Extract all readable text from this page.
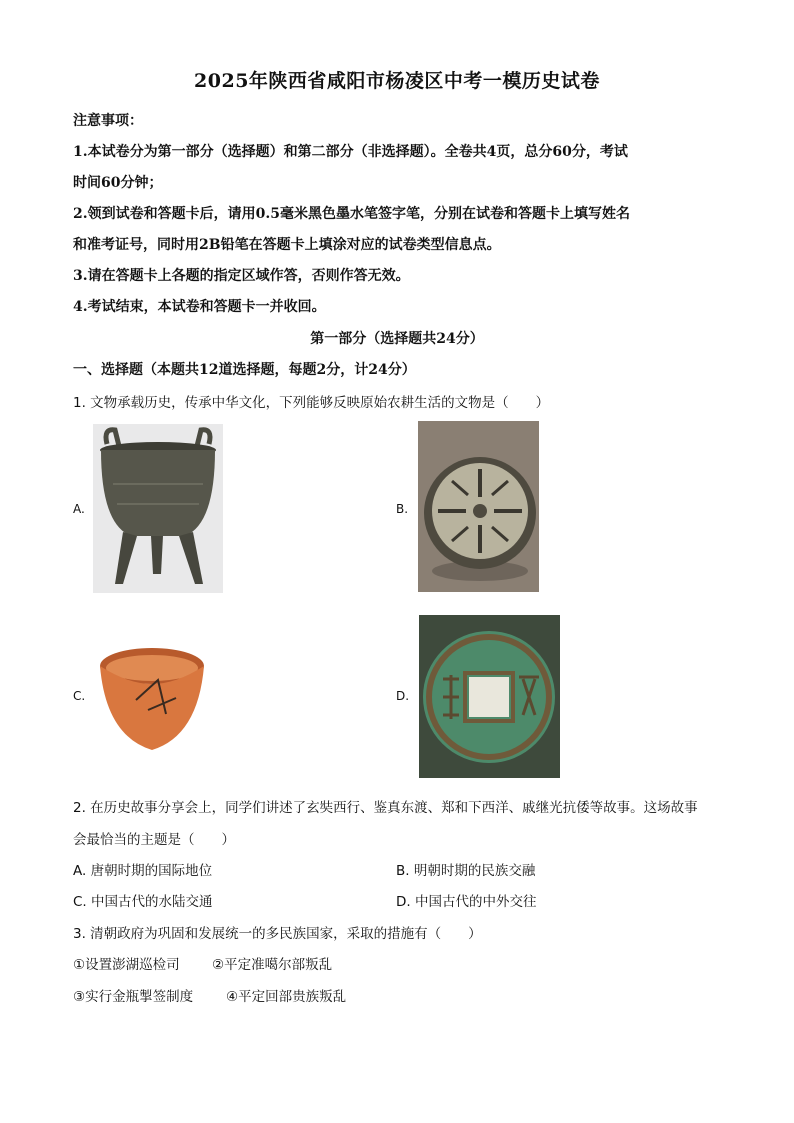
2025年陕西省咸阳市杨凌区中考一模历史试卷
注意事项：
1.本试卷分为第一部分（选择题）和第二部分（非选择题）。全卷共4页，总分60分，考试
时间60分钟；
2.领到试卷和答题卡后，请用0.5毫米黑色墨水笔签字笔，分别在试卷和答题卡上填写姓名
和准考证号，同时用2B铅笔在答题卡上填涂对应的试卷类型信息点。
3.请在答题卡上各题的指定区域作答，否则作答无效。
4.考试结束，本试卷和答题卡一并收回。
第一部分（选择题共24分）
一、选择题（本题共12道选择题，每题2分，计24分）
1. 文物承载历史，传承中华文化，下列能够反映原始农耕生活的文物是（　　）
A.	B.
C.	D.
2. 在历史故事分享会上，同学们讲述了玄奘西行、鉴真东渡、郑和下西洋、戚继光抗倭等故事。这场故事
会最恰当的主题是（　　）
A. 唐朝时期的国际地位	B. 明朝时期的民族交融
C. 中国古代的水陆交通	D. 中国古代的中外交往
3. 清朝政府为巩固和发展统一的多民族国家，采取的措施有（　　）
①设置澎湖巡检司 ②平定准噶尔部叛乱
③实行金瓶掣签制度 ④平定回部贵族叛乱
